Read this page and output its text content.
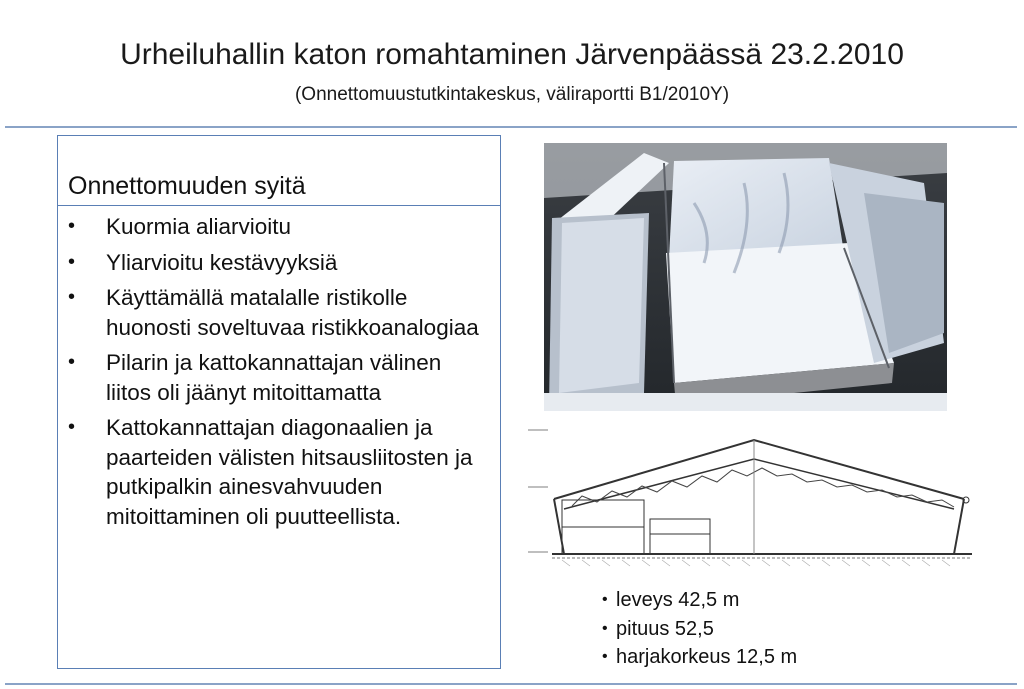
Urheiluhallin katon romahtaminen Järvenpäässä 23.2.2010
(Onnettomuustutkintakeskus, väliraportti B1/2010Y)
Onnettomuuden syitä
• Kuormia aliarvioitu
• Yliarvioitu kestävyyksiä
• Käyttämällä matalalle ristikolle huonosti soveltuvaa ristikkoanalogiaa
• Pilarin ja kattokannattajan välinen liitos oli jäänyt mitoittamatta
• Kattokannattajan diagonaalien ja paarteiden välisten hitsausliitosten ja putkipalkin ainesvahvuuden mitoittaminen oli puutteellista.
• leveys 42,5 m
• pituus 52,5
• harjakorkeus 12,5 m
